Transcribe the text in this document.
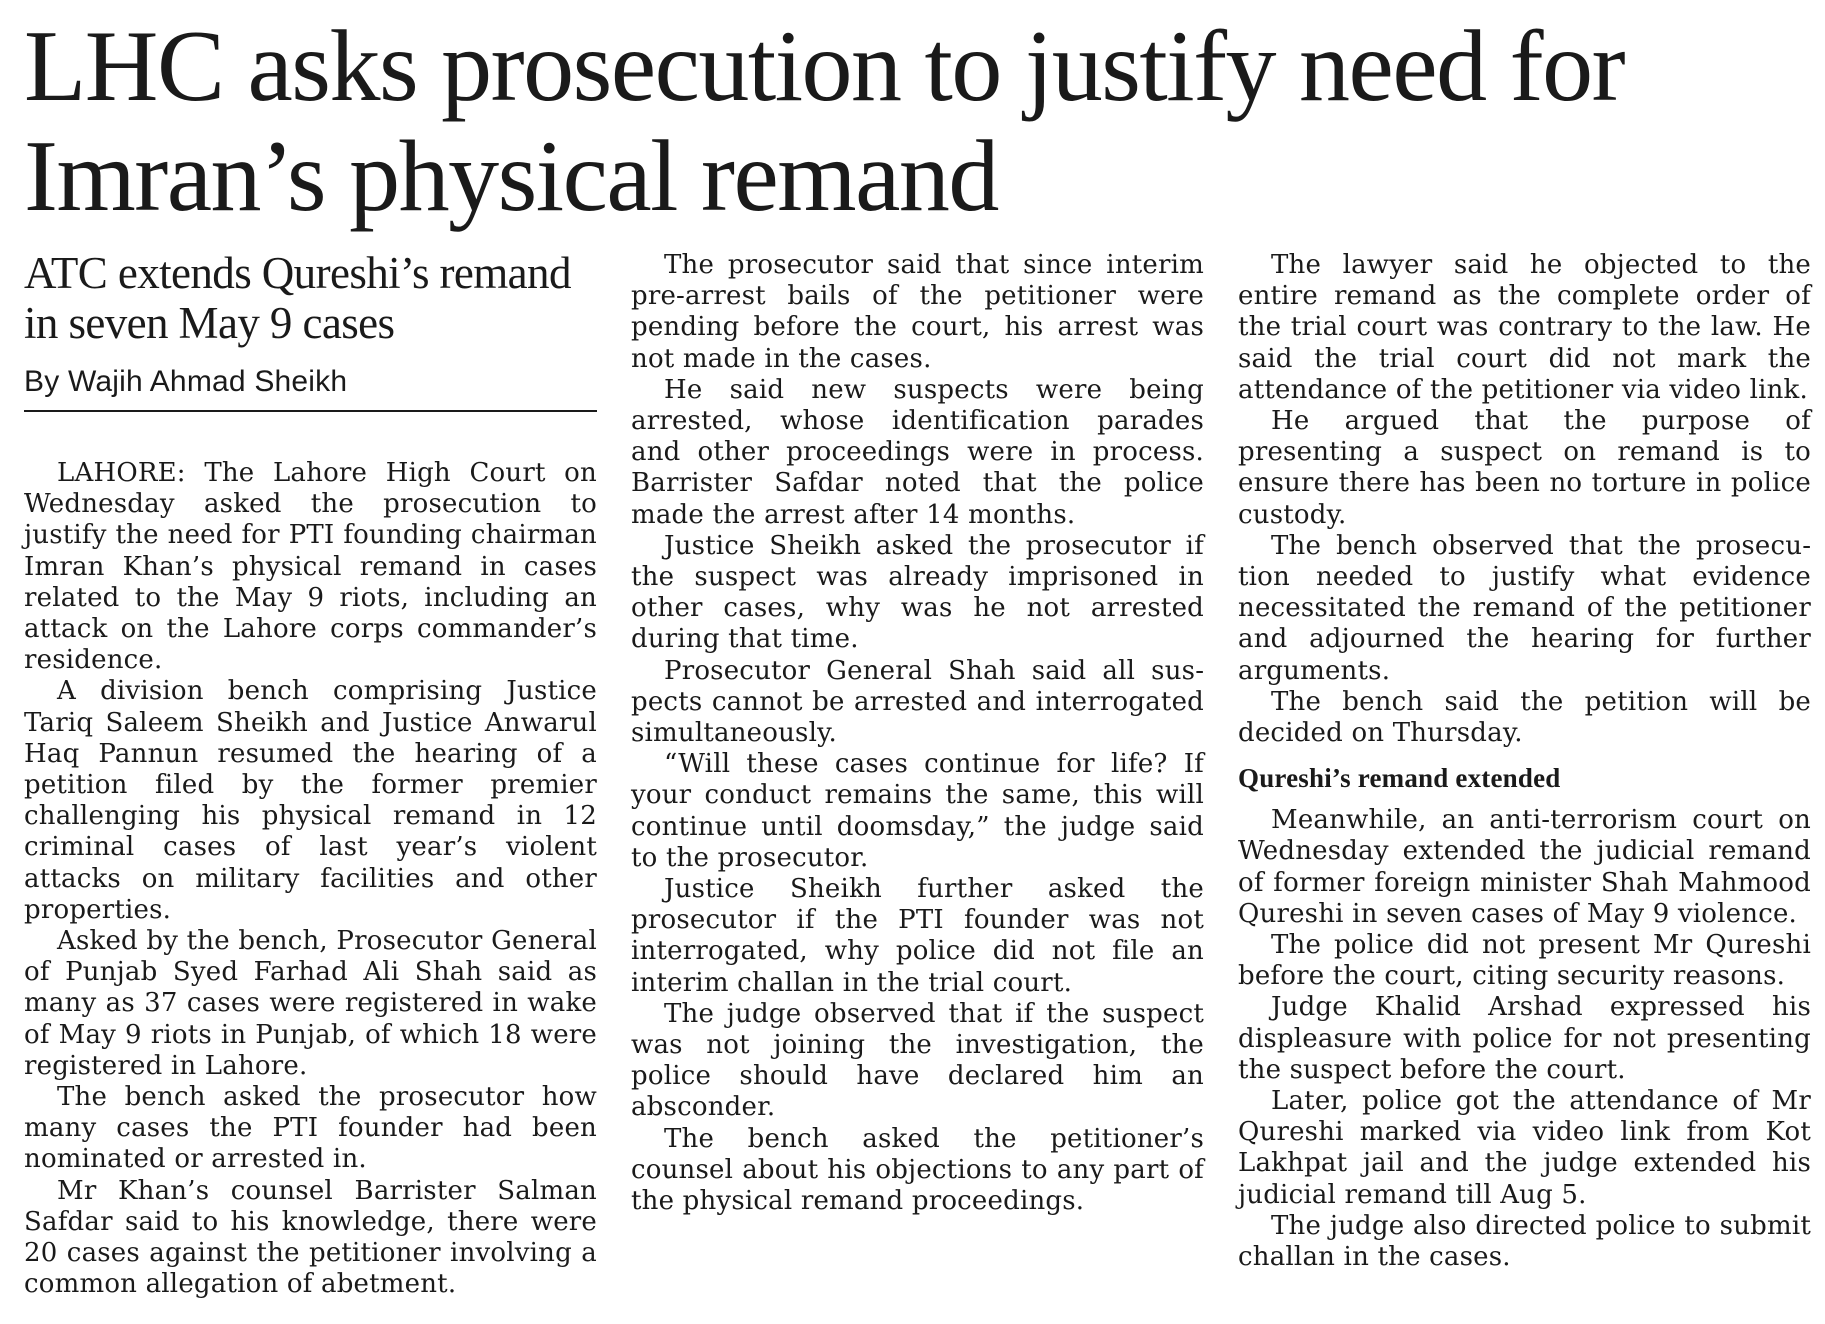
LHC asks prosecution to justify need for Imran’s physical remand
ATC extends Qureshi’s remand in seven May 9 cases
By Wajih Ahmad Sheikh

LAHORE: The Lahore High Court on Wednesday asked the prosecution to justify the need for PTI founding chairman Imran Khan’s physical remand in cases related to the May 9 riots, including an attack on the Lahore corps commander’s residence.

A division bench comprising Justice Tariq Saleem Sheikh and Justice Anwarul Haq Pannun resumed the hearing of a petition filed by the former premier challenging his physical remand in 12 criminal cases of last year’s violent attacks on military facilities and other properties.

Asked by the bench, Prosecutor General of Punjab Syed Farhad Ali Shah said as many as 37 cases were registered in wake of May 9 riots in Punjab, of which 18 were registered in Lahore.

The bench asked the prosecutor how many cases the PTI founder had been nominated or arrested in.

Mr Khan’s counsel Barrister Salman Safdar said to his knowledge, there were 20 cases against the petitioner involving a common allegation of abetment.

The prosecutor said that since interim pre-arrest bails of the petitioner were pending before the court, his arrest was not made in the cases.

He said new suspects were being arrested, whose identification parades and other proceedings were in process. Barrister Safdar noted that the police made the arrest after 14 months.

Justice Sheikh asked the prosecutor if the suspect was already imprisoned in other cases, why was he not arrested during that time.

Prosecutor General Shah said all suspects cannot be arrested and interrogated simultaneously.

“Will these cases continue for life? If your conduct remains the same, this will continue until doomsday,” the judge said to the prosecutor.

Justice Sheikh further asked the prosecutor if the PTI founder was not interrogated, why police did not file an interim challan in the trial court.

The judge observed that if the suspect was not joining the investigation, the police should have declared him an absconder.

The bench asked the petitioner’s counsel about his objections to any part of the physical remand proceedings.

The lawyer said he objected to the entire remand as the complete order of the trial court was contrary to the law. He said the trial court did not mark the attendance of the petitioner via video link.

He argued that the purpose of presenting a suspect on remand is to ensure there has been no torture in police custody.

The bench observed that the prosecution needed to justify what evidence necessitated the remand of the petitioner and adjourned the hearing for further arguments.

The bench said the petition will be decided on Thursday.

Qureshi’s remand extended

Meanwhile, an anti-terrorism court on Wednesday extended the judicial remand of former foreign minister Shah Mahmood Qureshi in seven cases of May 9 violence.

The police did not present Mr Qureshi before the court, citing security reasons.

Judge Khalid Arshad expressed his displeasure with police for not presenting the suspect before the court.

Later, police got the attendance of Mr Qureshi marked via video link from Kot Lakhpat jail and the judge extended his judicial remand till Aug 5.

The judge also directed police to submit challan in the cases.
